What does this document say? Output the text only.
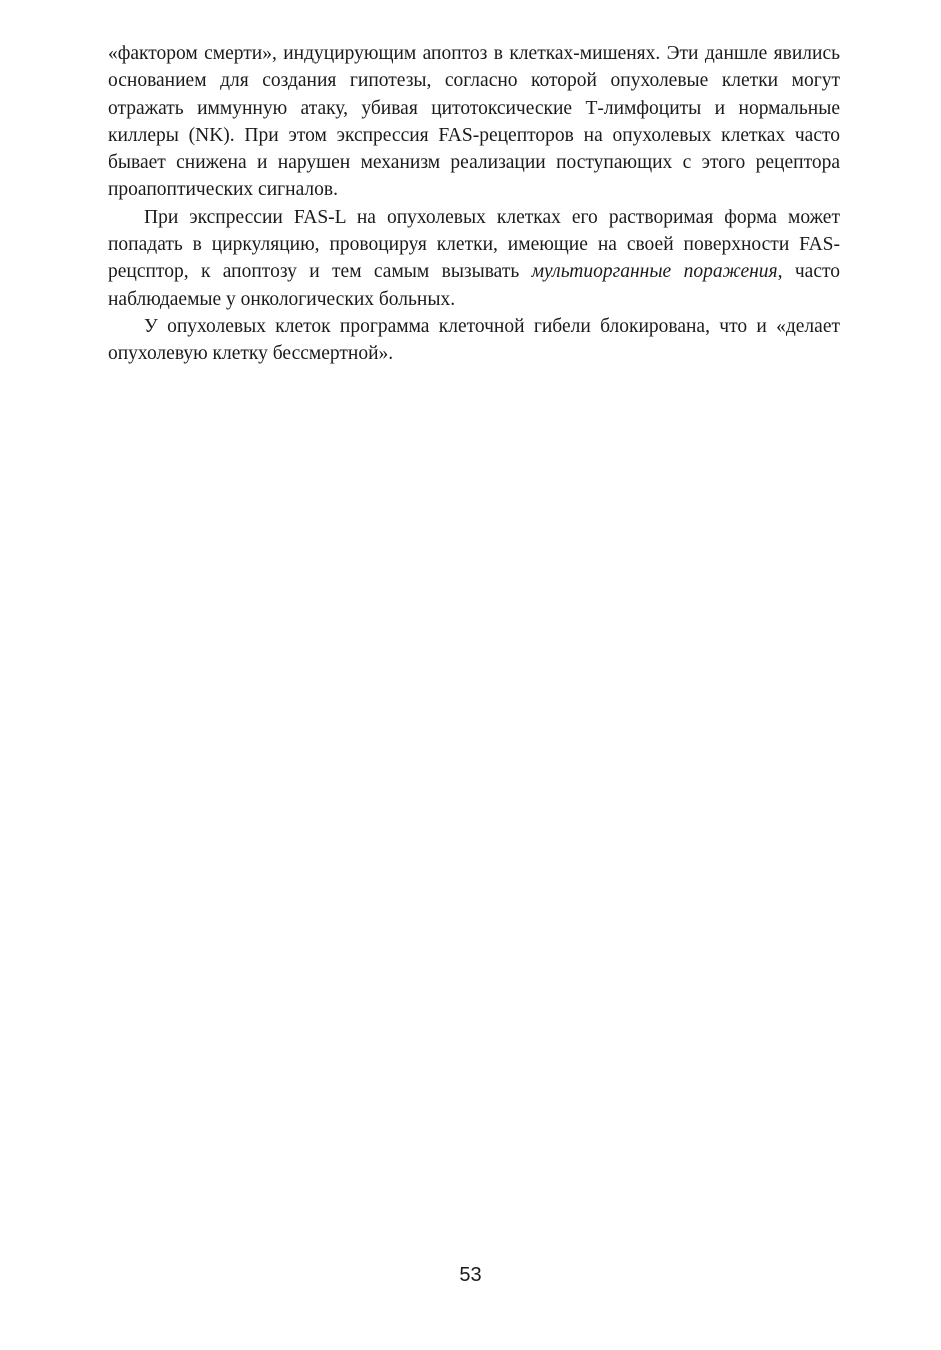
«фактором смерти», индуцирующим апоптоз в клетках-мишенях. Эти даншле явились основанием для создания гипотезы, согласно которой опухолевые клетки могут отражать иммунную атаку, убивая цитотоксические Т-лимфоциты и нормальные киллеры (NK). При этом экспрессия FAS-рецепторов на опухолевых клетках часто бывает снижена и нарушен механизм реализации поступающих с этого рецептора проапоптических сигналов.

При экспрессии FAS-L на опухолевых клетках его растворимая форма может попадать в циркуляцию, провоцируя клетки, имеющие на своей поверхности FAS-рецсптор, к апоптозу и тем самым вызывать мультиорганные поражения, часто наблюдаемые у онкологических больных.

У опухолевых клеток программа клеточной гибели блокирована, что и «делает опухолевую клетку бессмертной».

53
